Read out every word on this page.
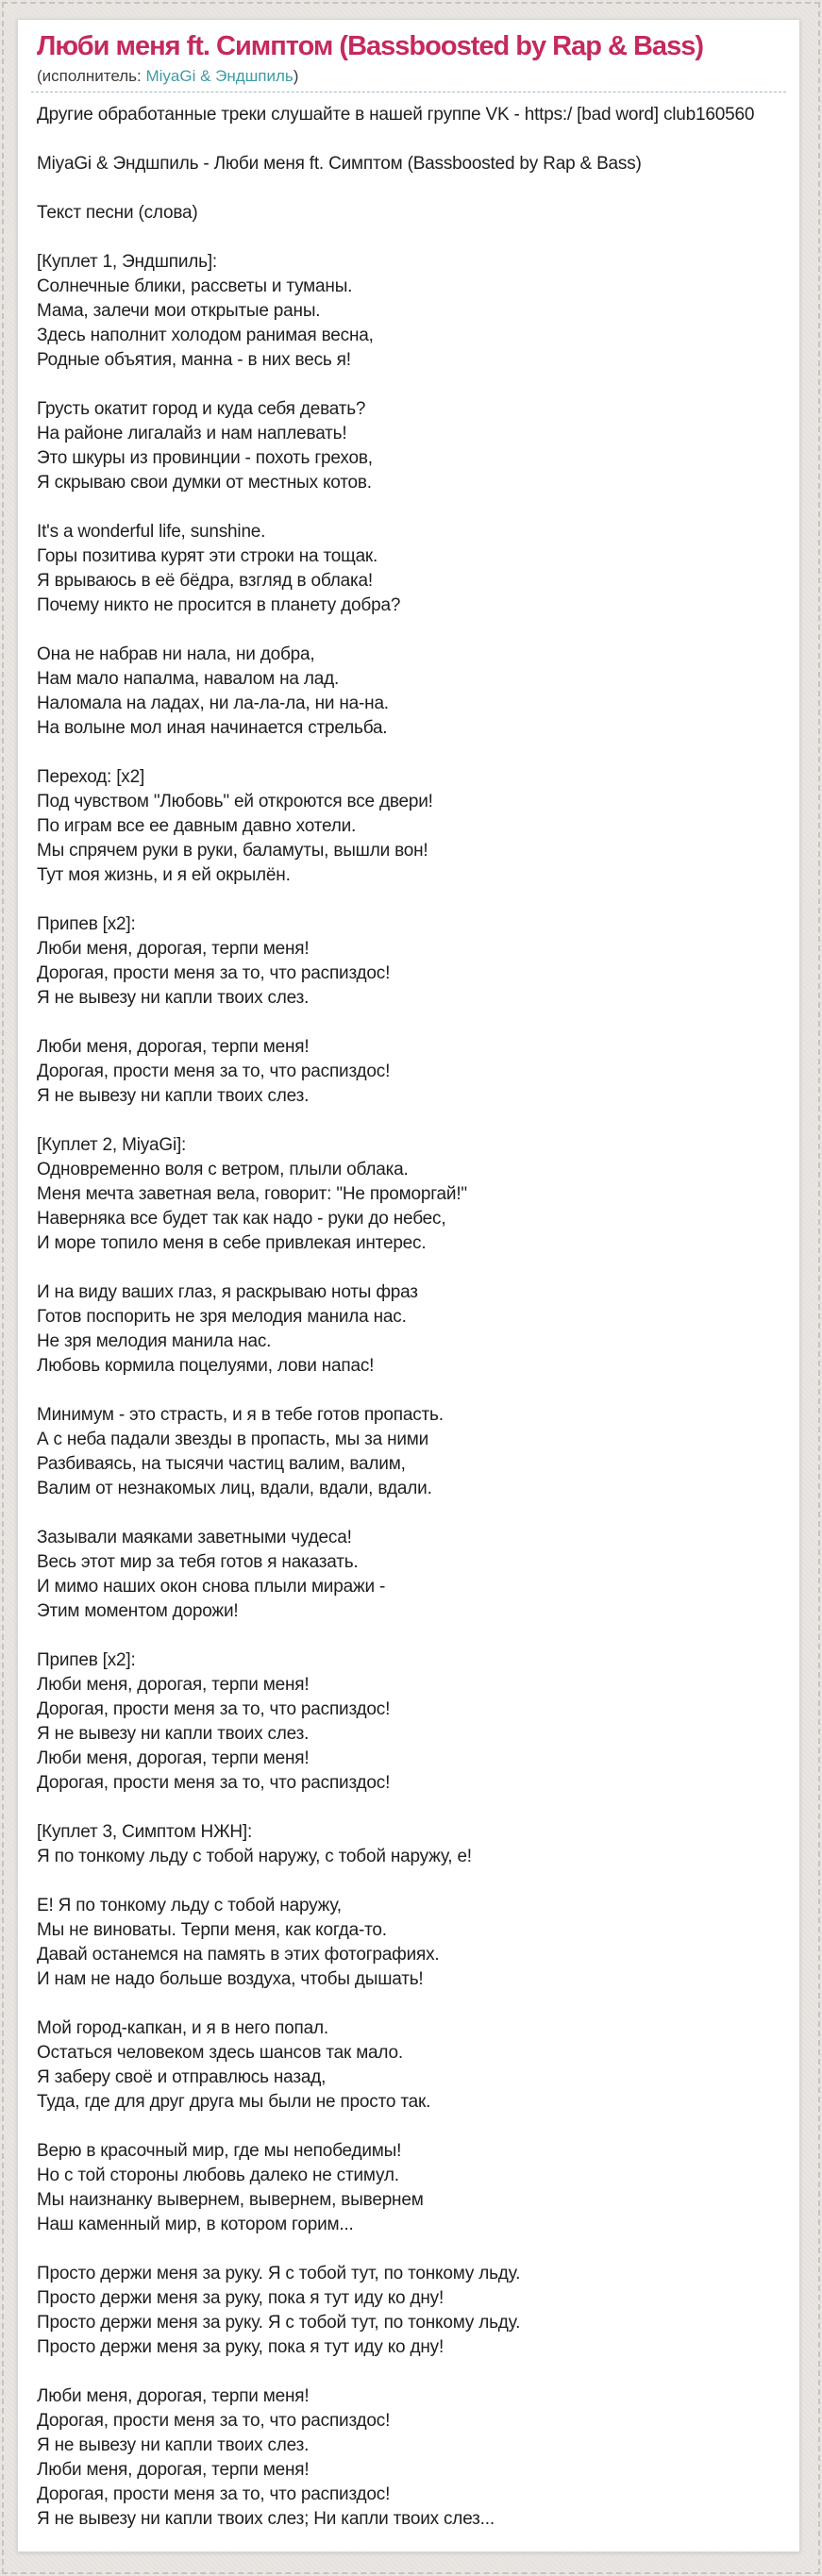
Люби меня ft. Симптом (Bassboosted by Rap & Bass)
(исполнитель: MiyaGi & Эндшпиль)
Другие обработанные треки слушайте в нашей группе VK - https:/ [bad word] club160560

MiyaGi & Эндшпиль - Люби меня ft. Симптом (Bassboosted by Rap & Bass)

Текст песни (слова)

[Куплет 1, Эндшпиль]:
Солнечные блики, рассветы и туманы.
Мама, залечи мои открытые раны.
Здесь наполнит холодом ранимая весна,
Родные объятия, манна - в них весь я!

Грусть окатит город и куда себя девать?
На районе лигалайз и нам наплевать!
Это шкуры из провинции - похоть грехов,
Я скрываю свои думки от местных котов.

It's a wonderful life, sunshine.
Горы позитива курят эти строки на тощак.
Я врываюсь в её бёдра, взгляд в облака!
Почему никто не просится в планету добра?

Она не набрав ни нала, ни добра,
Нам мало напалма, навалом на лад.
Наломала на ладах, ни ла-ла-ла, ни на-на.
На волыне мол иная начинается стрельба.

Переход: [x2]
Под чувством "Любовь" ей откроются все двери!
По играм все ее давным давно хотели.
Мы спрячем руки в руки, баламуты, вышли вон!
Тут моя жизнь, и я ей окрылён.

Припев [x2]:
Люби меня, дорогая, терпи меня!
Дорогая, прости меня за то, что распиздос!
Я не вывезу ни капли твоих слез.

Люби меня, дорогая, терпи меня!
Дорогая, прости меня за то, что распиздос!
Я не вывезу ни капли твоих слез.

[Куплет 2, MiyaGi]:
Одновременно воля с ветром, плыли облака.
Меня мечта заветная вела, говорит: "Не проморгай!"
Наверняка все будет так как надо - руки до небес,
И море топило меня в себе привлекая интерес.

И на виду ваших глаз, я раскрываю ноты фраз
Готов поспорить не зря мелодия манила нас.
Не зря мелодия манила нас.
Любовь кормила поцелуями, лови напас!

Минимум - это страсть, и я в тебе готов пропасть.
А с неба падали звезды в пропасть, мы за ними
Разбиваясь, на тысячи частиц валим, валим,
Валим от незнакомых лиц, вдали, вдали, вдали.

Зазывали маяками заветными чудеса!
Весь этот мир за тебя готов я наказать.
И мимо наших окон снова плыли миражи -
Этим моментом дорожи!

Припев [x2]:
Люби меня, дорогая, терпи меня!
Дорогая, прости меня за то, что распиздос!
Я не вывезу ни капли твоих слез.
Люби меня, дорогая, терпи меня!
Дорогая, прости меня за то, что распиздос!

[Куплет 3, Симптом НЖН]:
Я по тонкому льду с тобой наружу, с тобой наружу, е!

Е! Я по тонкому льду с тобой наружу,
Мы не виноваты. Терпи меня, как когда-то.
Давай останемся на память в этих фотографиях.
И нам не надо больше воздуха, чтобы дышать!

Мой город-капкан, и я в него попал.
Остаться человеком здесь шансов так мало.
Я заберу своё и отправлюсь назад,
Туда, где для друг друга мы были не просто так.

Верю в красочный мир, где мы непобедимы!
Но с той стороны любовь далеко не стимул.
Мы наизнанку вывернем, вывернем, вывернем
Наш каменный мир, в котором горим...

Просто держи меня за руку. Я с тобой тут, по тонкому льду.
Просто держи меня за руку, пока я тут иду ко дну!
Просто держи меня за руку. Я с тобой тут, по тонкому льду.
Просто держи меня за руку, пока я тут иду ко дну!

Люби меня, дорогая, терпи меня!
Дорогая, прости меня за то, что распиздос!
Я не вывезу ни капли твоих слез.
Люби меня, дорогая, терпи меня!
Дорогая, прости меня за то, что распиздос!
Я не вывезу ни капли твоих слез; Ни капли твоих слез...
